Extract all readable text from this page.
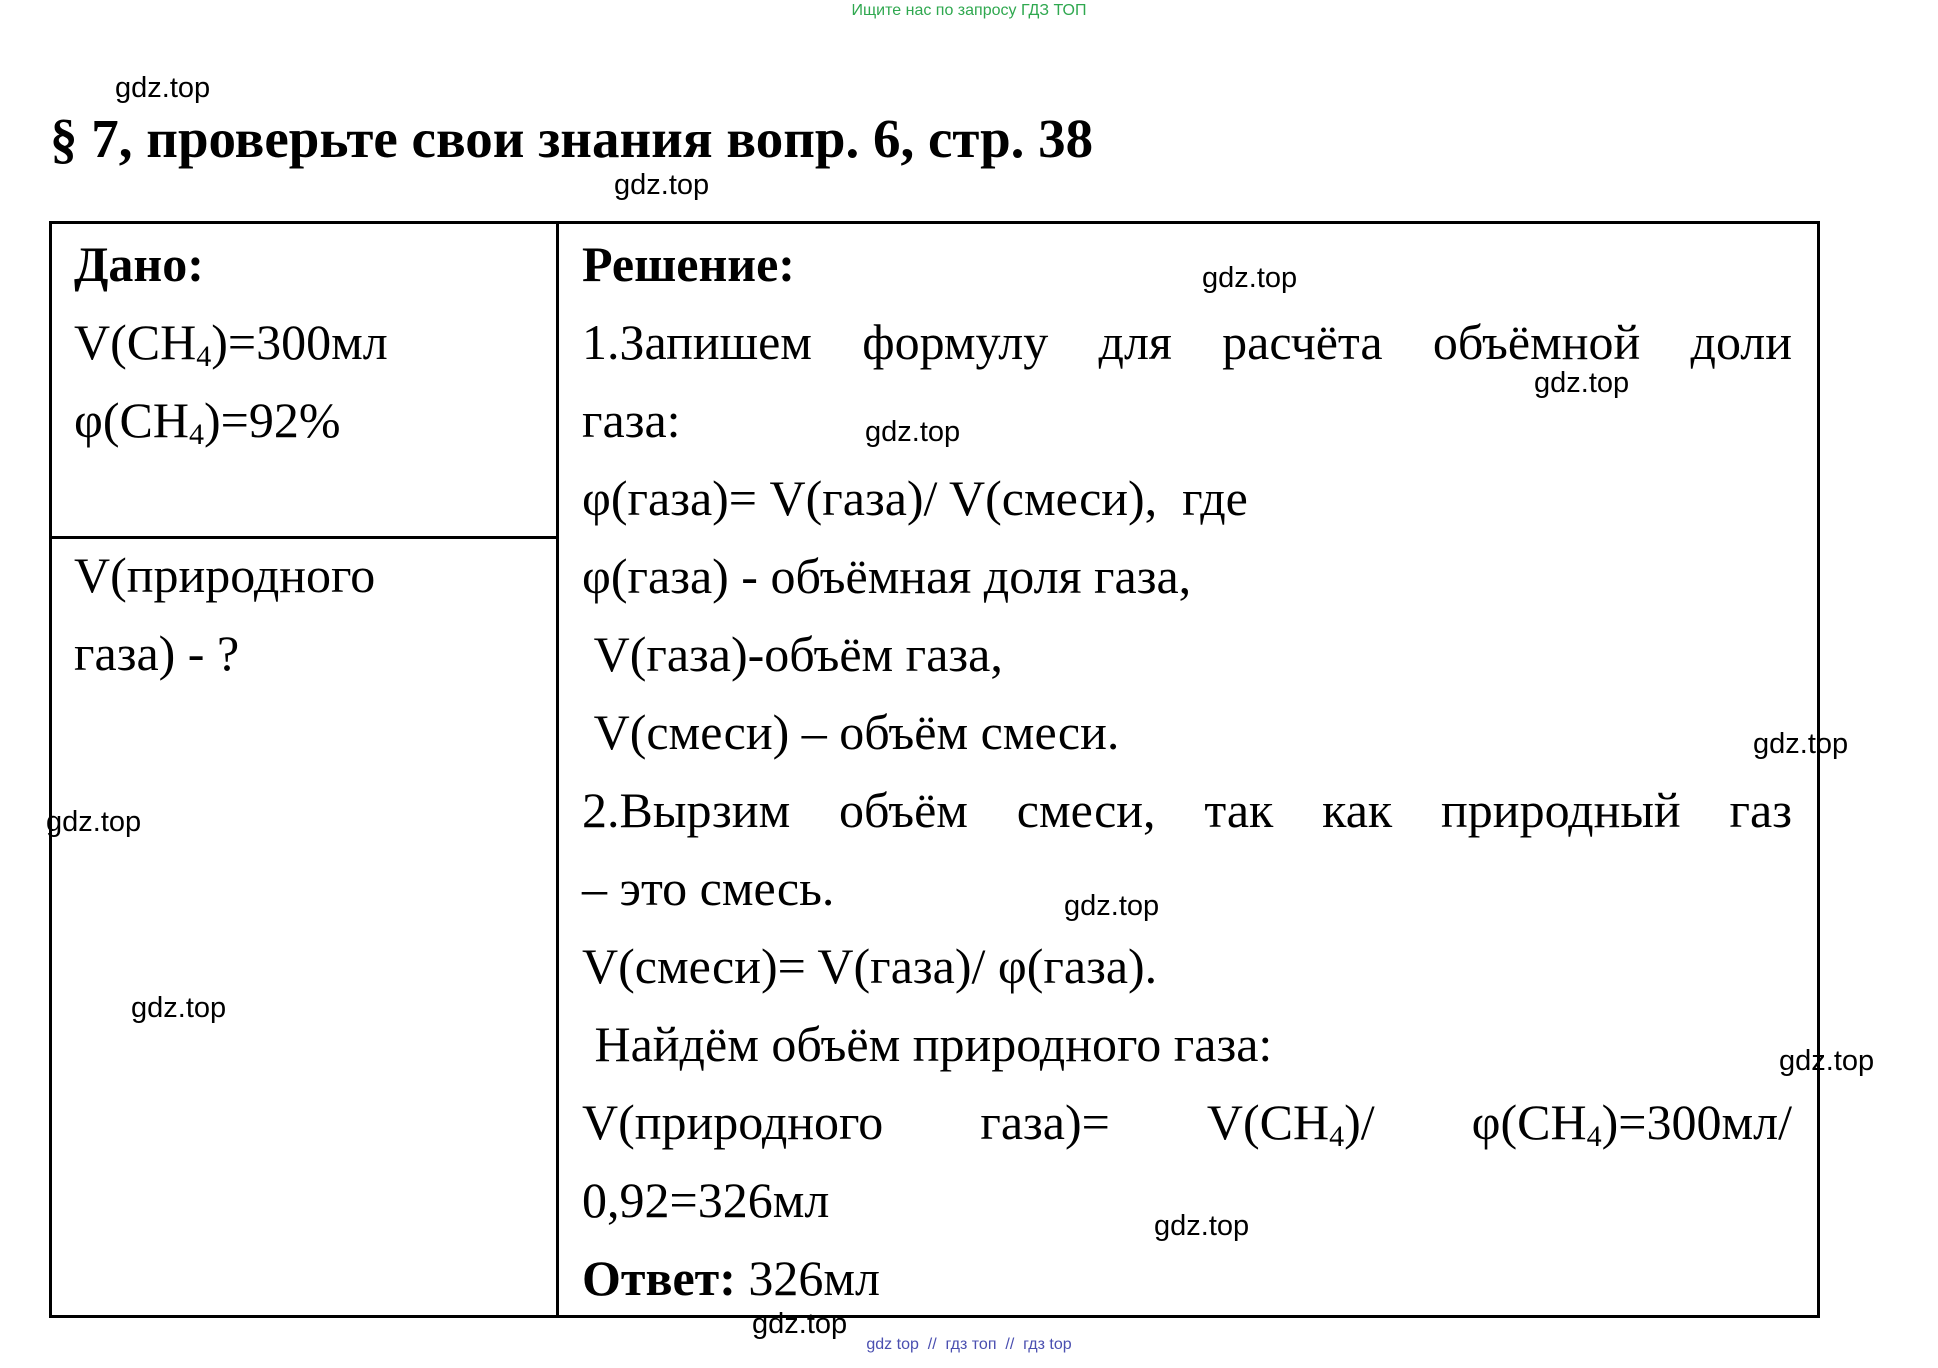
Ищите нас по запросу ГДЗ ТОП
§ 7, проверьте свои знания вопр. 6, стр. 38
Дано:
$V(CH_4)=300мл$
$\varphi(CH_4)=92\%$
V(природного
газа) - ?
Решение:
1.Запишем формулу для расчёта объёмной доли
газа:
φ(газа)= V(газа)/ V(смеси),  где
φ(газа) - объёмная доля газа,
V(газа)-объём газа,
V(смеси) – объём смеси.
2.Вырзим объём смеси, так как природный газ
– это смесь.
V(смеси)= V(газа)/ φ(газа).
Найдём объём природного газа:
V(природного газа)= $V(CH_4)/$ $\varphi(CH_4)=300мл/$
0,92=326мл
Ответ: 326мл
gdz.top
gdz.top
gdz.top
gdz.top
gdz.top
gdz.top
gdz.top
gdz.top
gdz.top
gdz.top
gdz.top
gdz.top
gdz top  //  гдз топ  //  гдз top
